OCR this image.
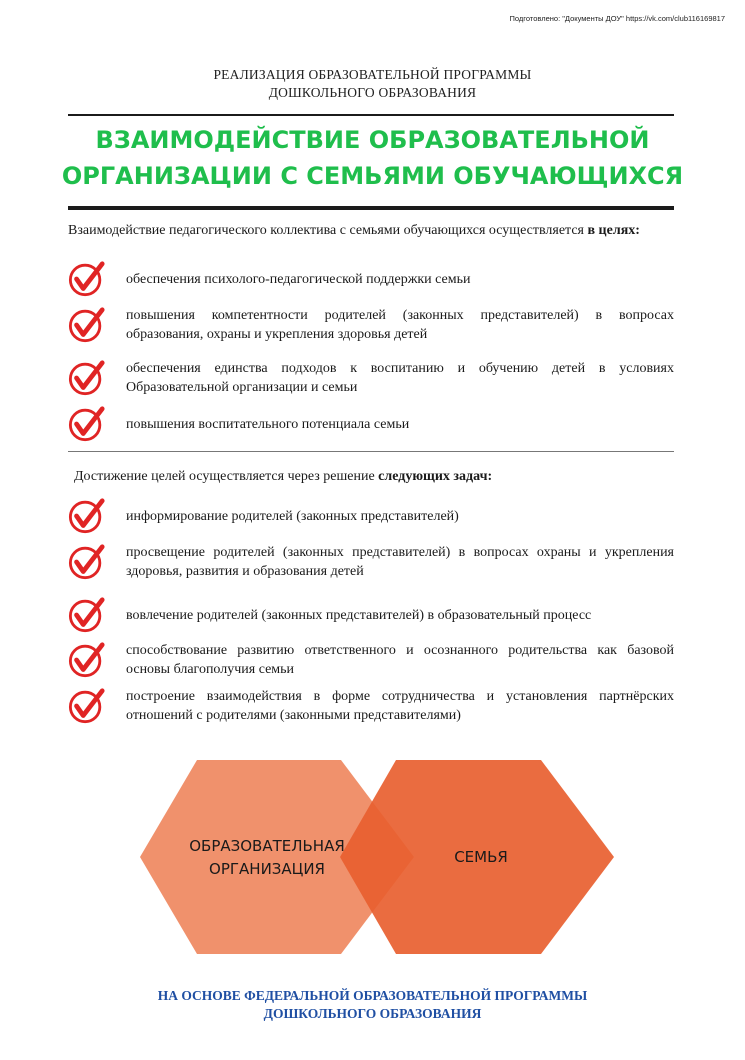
Подготовлено: "Документы ДОУ" https://vk.com/club116169817
РЕАЛИЗАЦИЯ ОБРАЗОВАТЕЛЬНОЙ ПРОГРАММЫ
ДОШКОЛЬНОГО ОБРАЗОВАНИЯ
ВЗАИМОДЕЙСТВИЕ ОБРАЗОВАТЕЛЬНОЙ
ОРГАНИЗАЦИИ С СЕМЬЯМИ ОБУЧАЮЩИХСЯ
Взаимодействие педагогического коллектива с семьями обучающихся осуществляется в целях:
обеспечения психолого-педагогической поддержки семьи
повышения компетентности родителей (законных представителей) в вопросах образования, охраны и укрепления здоровья детей
обеспечения единства подходов к воспитанию и обучению детей в условиях Образовательной организации и семьи
повышения воспитательного потенциала семьи
Достижение целей осуществляется через решение следующих задач:
информирование родителей (законных представителей)
просвещение родителей (законных представителей) в вопросах охраны и укрепления здоровья, развития и образования детей
вовлечение родителей (законных представителей) в образовательный процесс
способствование развитию ответственного и осознанного родительства как базовой основы благополучия семьи
построение взаимодействия в форме сотрудничества и установления партнёрских отношений с родителями (законными представителями)
ОБРАЗОВАТЕЛЬНАЯ
ОРГАНИЗАЦИЯ
СЕМЬЯ
НА ОСНОВЕ ФЕДЕРАЛЬНОЙ ОБРАЗОВАТЕЛЬНОЙ ПРОГРАММЫ
ДОШКОЛЬНОГО ОБРАЗОВАНИЯ
